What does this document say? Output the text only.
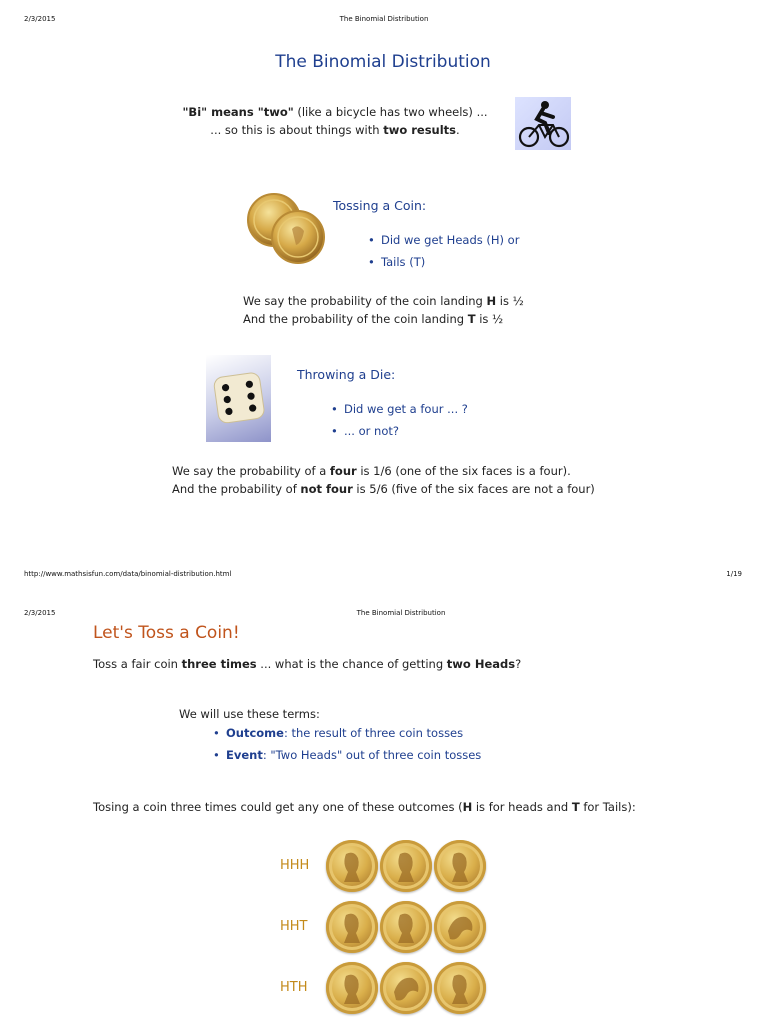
2/3/2015	The Binomial Distribution
The Binomial Distribution
"Bi" means "two" (like a bicycle has two wheels) ...
... so this is about things with two results.
Tossing a Coin:
• Did we get Heads (H) or
• Tails (T)
We say the probability of the coin landing H is ½
And the probability of the coin landing T is ½
Throwing a Die:
• Did we get a four ... ?
• ... or not?
We say the probability of a four is 1/6 (one of the six faces is a four).
And the probability of not four is 5/6 (five of the six faces are not a four)
http://www.mathsisfun.com/data/binomial-distribution.html	1/19
2/3/2015	The Binomial Distribution
Let's Toss a Coin!
Toss a fair coin three times ... what is the chance of getting two Heads?
We will use these terms:
• Outcome: the result of three coin tosses
• Event: "Two Heads" out of three coin tosses
Tosing a coin three times could get any one of these outcomes (H is for heads and T for Tails):
HHH
HHT
HTH
